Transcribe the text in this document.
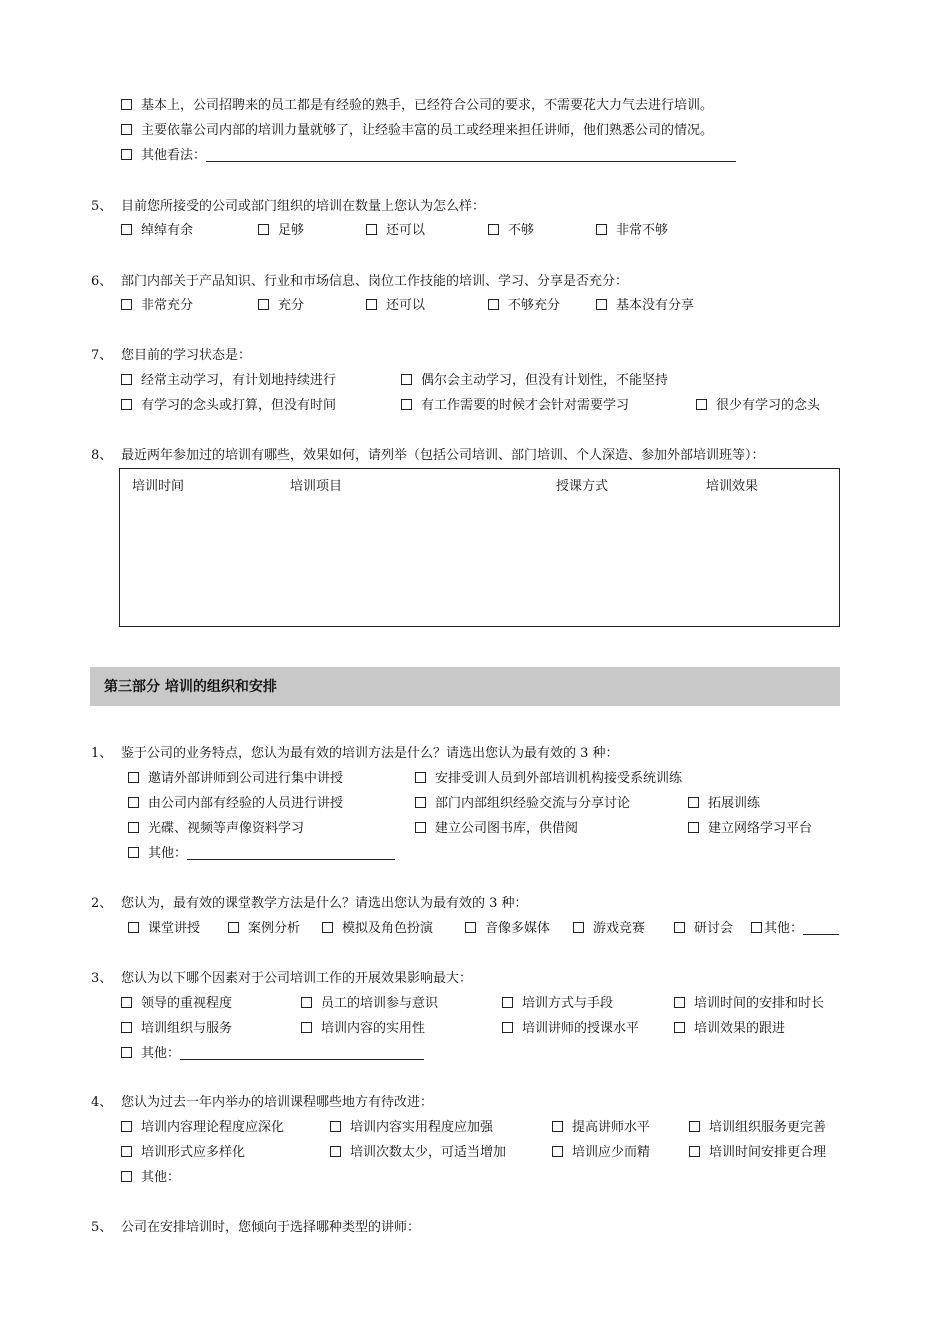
基本上，公司招聘来的员工都是有经验的熟手，已经符合公司的要求，不需要花大力气去进行培训。
主要依靠公司内部的培训力量就够了，让经验丰富的员工或经理来担任讲师，他们熟悉公司的情况。
其他看法：
5、 目前您所接受的公司或部门组织的培训在数量上您认为怎么样：
绰绰有余	足够	还可以	不够	非常不够
6、 部门内部关于产品知识、行业和市场信息、岗位工作技能的培训、学习、分享是否充分：
非常充分	充分	还可以	不够充分	基本没有分享
7、 您目前的学习状态是：
经常主动学习，有计划地持续进行	偶尔会主动学习，但没有计划性，不能坚持
有学习的念头或打算，但没有时间	有工作需要的时候才会针对需要学习	很少有学习的念头
8、 最近两年参加过的培训有哪些，效果如何，请列举（包括公司培训、部门培训、个人深造、参加外部培训班等）：
培训时间	培训项目	授课方式	培训效果
第三部分 培训的组织和安排
1、 鉴于公司的业务特点，您认为最有效的培训方法是什么？请选出您认为最有效的 3 种：
邀请外部讲师到公司进行集中讲授	安排受训人员到外部培训机构接受系统训练
由公司内部有经验的人员进行讲授	部门内部组织经验交流与分享讨论	拓展训练
光碟、视频等声像资料学习	建立公司图书库，供借阅	建立网络学习平台
其他：
2、 您认为，最有效的课堂教学方法是什么？请选出您认为最有效的 3 种：
课堂讲授	案例分析	模拟及角色扮演	音像多媒体	游戏竞赛	研讨会	其他：
3、 您认为以下哪个因素对于公司培训工作的开展效果影响最大：
领导的重视程度	员工的培训参与意识	培训方式与手段	培训时间的安排和时长
培训组织与服务	培训内容的实用性	培训讲师的授课水平	培训效果的跟进
其他：
4、 您认为过去一年内举办的培训课程哪些地方有待改进：
培训内容理论程度应深化	培训内容实用程度应加强	提高讲师水平	培训组织服务更完善
培训形式应多样化	培训次数太少，可适当增加	培训应少而精	培训时间安排更合理
其他：
5、 公司在安排培训时，您倾向于选择哪种类型的讲师：
